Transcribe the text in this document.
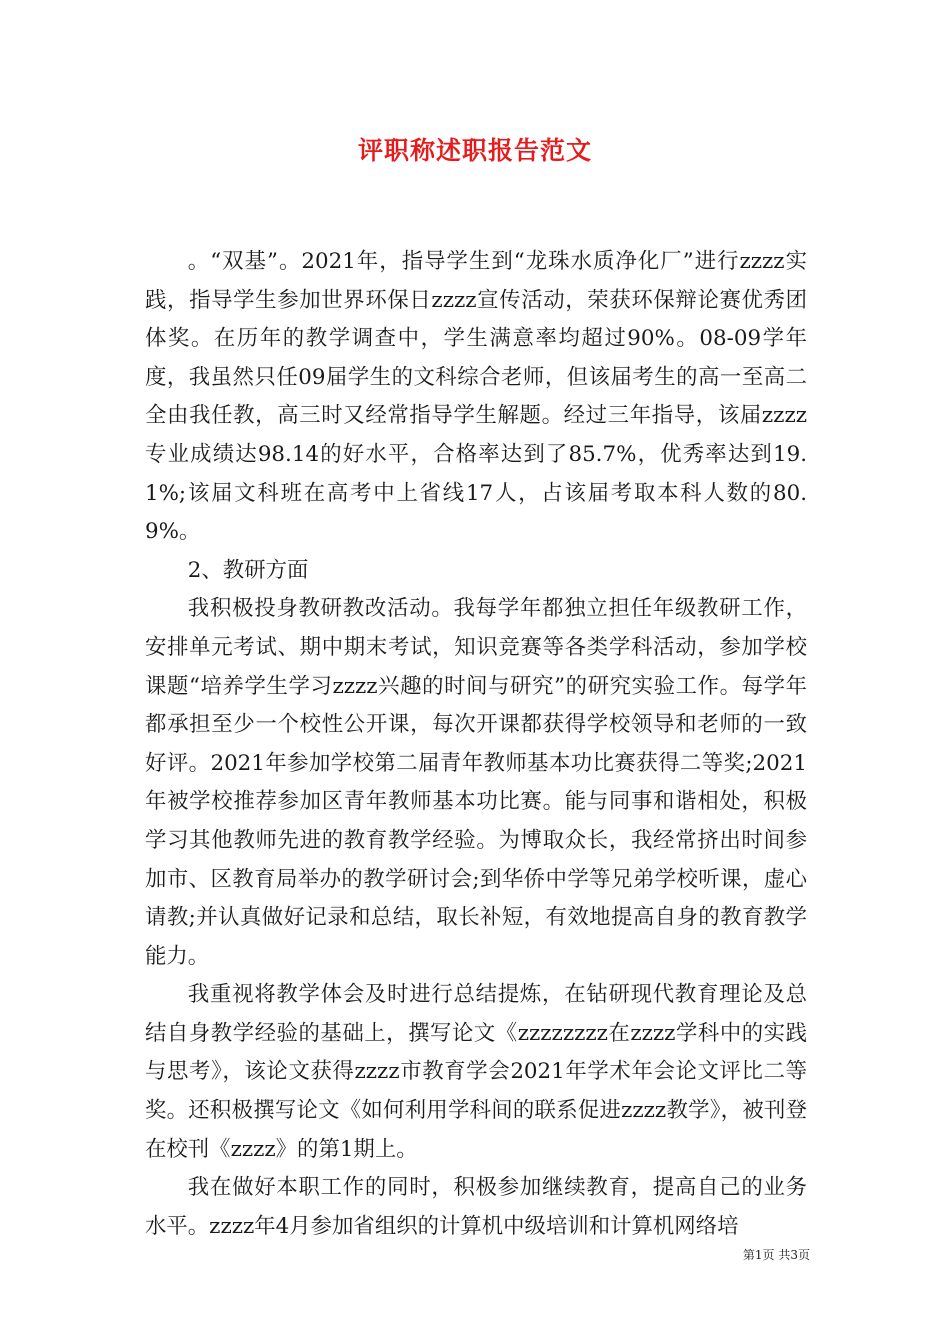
评职称述职报告范文

。“双基”。2021年，指导学生到“龙珠水质净化厂”进行zzzz实践，指导学生参加世界环保日zzzz宣传活动，荣获环保辩论赛优秀团体奖。在历年的教学调查中，学生满意率均超过90%。08-09学年度，我虽然只任09届学生的文科综合老师，但该届考生的高一至高二全由我任教，高三时又经常指导学生解题。经过三年指导，该届zzzz专业成绩达98.14的好水平，合格率达到了85.7%，优秀率达到19.1%;该届文科班在高考中上省线17人，占该届考取本科人数的80.9%。

2、教研方面

我积极投身教研教改活动。我每学年都独立担任年级教研工作，安排单元考试、期中期末考试，知识竞赛等各类学科活动，参加学校课题“培养学生学习zzzz兴趣的时间与研究”的研究实验工作。每学年都承担至少一个校性公开课，每次开课都获得学校领导和老师的一致好评。2021年参加学校第二届青年教师基本功比赛获得二等奖;2021年被学校推荐参加区青年教师基本功比赛。能与同事和谐相处，积极学习其他教师先进的教育教学经验。为博取众长，我经常挤出时间参加市、区教育局举办的教学研讨会;到华侨中学等兄弟学校听课，虚心请教;并认真做好记录和总结，取长补短，有效地提高自身的教育教学能力。

我重视将教学体会及时进行总结提炼，在钻研现代教育理论及总结自身教学经验的基础上，撰写论文《zzzzzzzz在zzzz学科中的实践与思考》，该论文获得zzzz市教育学会2021年学术年会论文评比二等奖。还积极撰写论文《如何利用学科间的联系促进zzzz教学》，被刊登在校刊《zzzz》的第1期上。

我在做好本职工作的同时，积极参加继续教育，提高自己的业务水平。zzzz年4月参加省组织的计算机中级培训和计算机网络培

第1页 共3页
